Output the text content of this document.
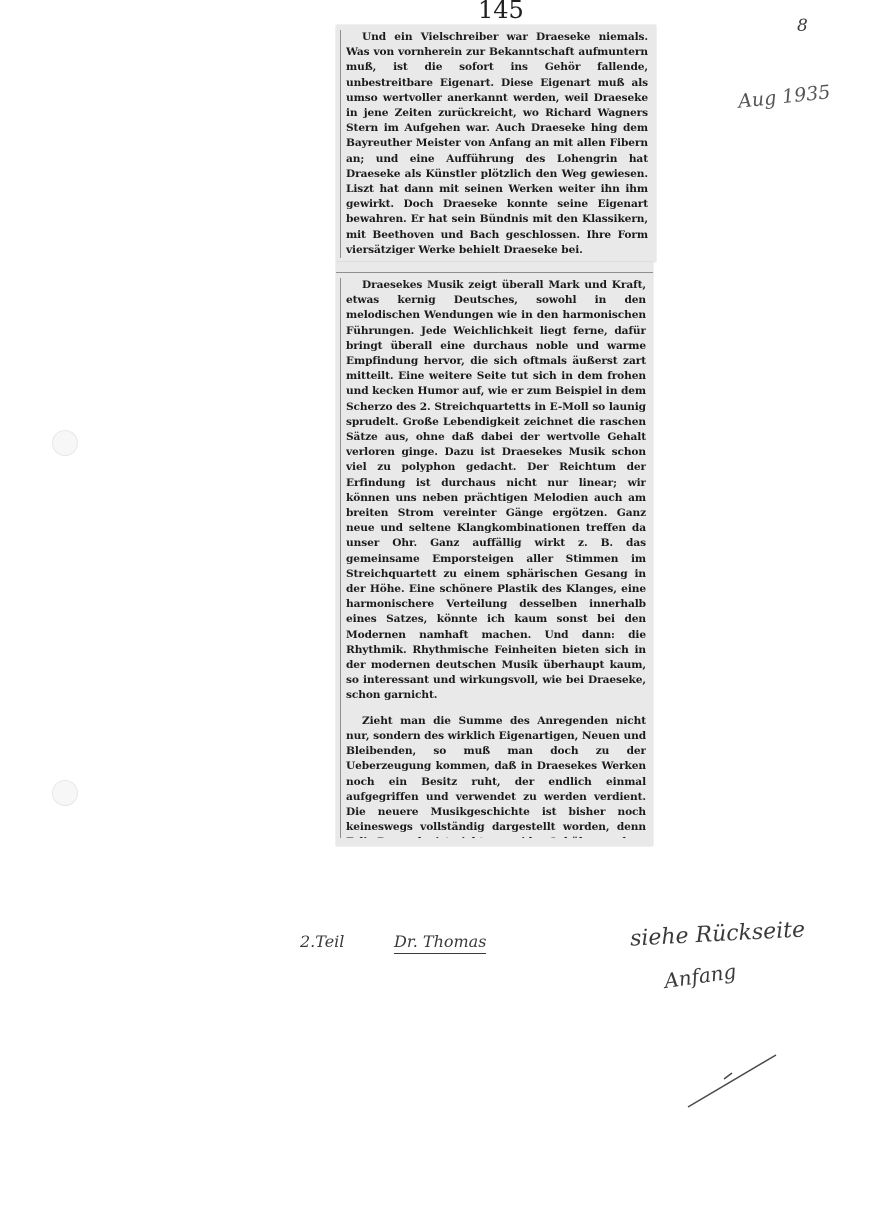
145
8
Aug 1935

Und ein Vielschreiber war Draeseke niemals. Was von vornherein zur Bekanntschaft aufmuntern muß, ist die sofort ins Gehör fallende, unbestreitbare Eigenart. Diese Eigenart muß als umso wertvoller anerkannt werden, weil Draeseke in jene Zeiten zurückreicht, wo Richard Wagners Stern im Aufgehen war. Auch Draeseke hing dem Bayreuther Meister von Anfang an mit allen Fibern an; und eine Aufführung des Lohengrin hat Draeseke als Künstler plötzlich den Weg gewiesen. Liszt hat dann mit seinen Werken weiter ihn ihm gewirkt. Doch Draeseke konnte seine Eigenart bewahren. Er hat sein Bündnis mit den Klassikern, mit Beethoven und Bach geschlossen. Ihre Form viersätziger Werke behielt Draeseke bei.

Draesekes Musik zeigt überall Mark und Kraft, etwas kernig Deutsches, sowohl in den melodischen Wendungen wie in den harmonischen Führungen. Jede Weichlichkeit liegt ferne, dafür bringt überall eine durchaus noble und warme Empfindung hervor, die sich oftmals äußerst zart mitteilt. Eine weitere Seite tut sich in dem frohen und kecken Humor auf, wie er zum Beispiel in dem Scherzo des 2. Streichquartetts in E-Moll so launig sprudelt. Große Lebendigkeit zeichnet die raschen Sätze aus, ohne daß dabei der wertvolle Gehalt verloren ginge. Dazu ist Draesekes Musik schon viel zu polyphon gedacht. Der Reichtum der Erfindung ist durchaus nicht nur linear; wir können uns neben prächtigen Melodien auch am breiten Strom vereinter Gänge ergötzen. Ganz neue und seltene Klangkombinationen treffen da unser Ohr. Ganz auffällig wirkt z. B. das gemeinsame Emporsteigen aller Stimmen im Streichquartett zu einem sphärischen Gesang in der Höhe. Eine schönere Plastik des Klanges, eine harmonischere Verteilung desselben innerhalb eines Satzes, könnte ich kaum sonst bei den Modernen namhaft machen. Und dann: die Rhythmik. Rhythmische Feinheiten bieten sich in der modernen deutschen Musik überhaupt kaum, so interessant und wirkungsvoll, wie bei Draeseke, schon garnicht.

Zieht man die Summe des Anregenden nicht nur, sondern des wirklich Eigenartigen, Neuen und Bleibenden, so muß man doch zu der Ueberzeugung kommen, daß in Draesekes Werken noch ein Besitz ruht, der endlich einmal aufgegriffen und verwendet zu werden verdient. Die neuere Musikgeschichte ist bisher noch keineswegs vollständig dargestellt worden, denn

2.Teil	Dr. Thomas	siehe Rückseite
Anfang
